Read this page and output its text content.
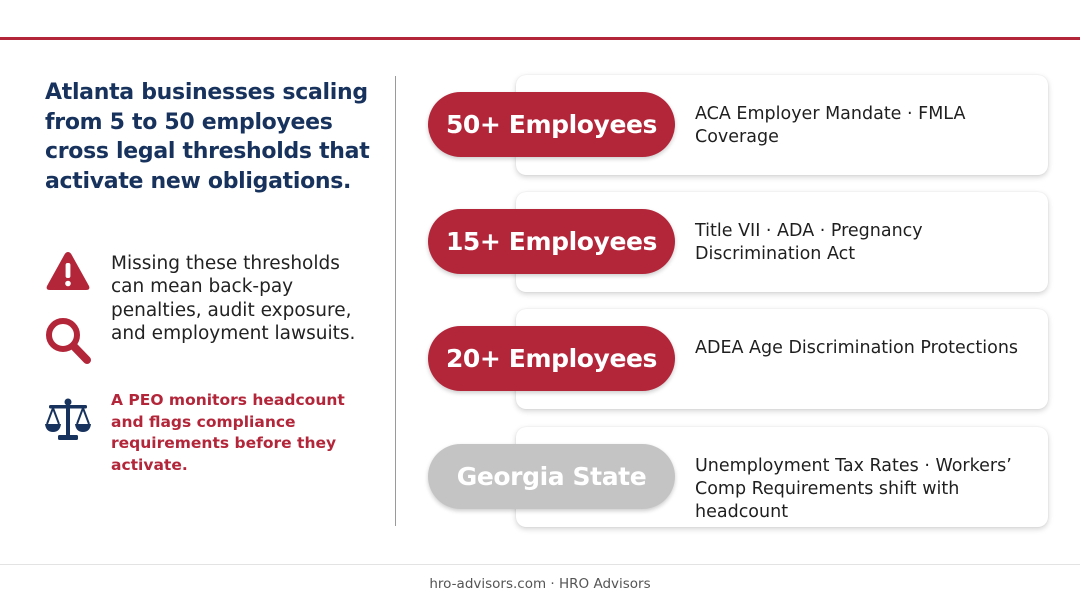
Atlanta businesses scaling from 5 to 50 employees cross legal thresholds that activate new obligations.
Missing these thresholds can mean back-pay penalties, audit exposure, and employment lawsuits.
A PEO monitors headcount and flags compliance requirements before they activate.
50+ Employees	ACA Employer Mandate · FMLA Coverage
15+ Employees	Title VII · ADA · Pregnancy Discrimination Act
20+ Employees	ADEA Age Discrimination Protections
Georgia State	Unemployment Tax Rates · Workers’ Comp Requirements shift with headcount
hro-advisors.com · HRO Advisors
